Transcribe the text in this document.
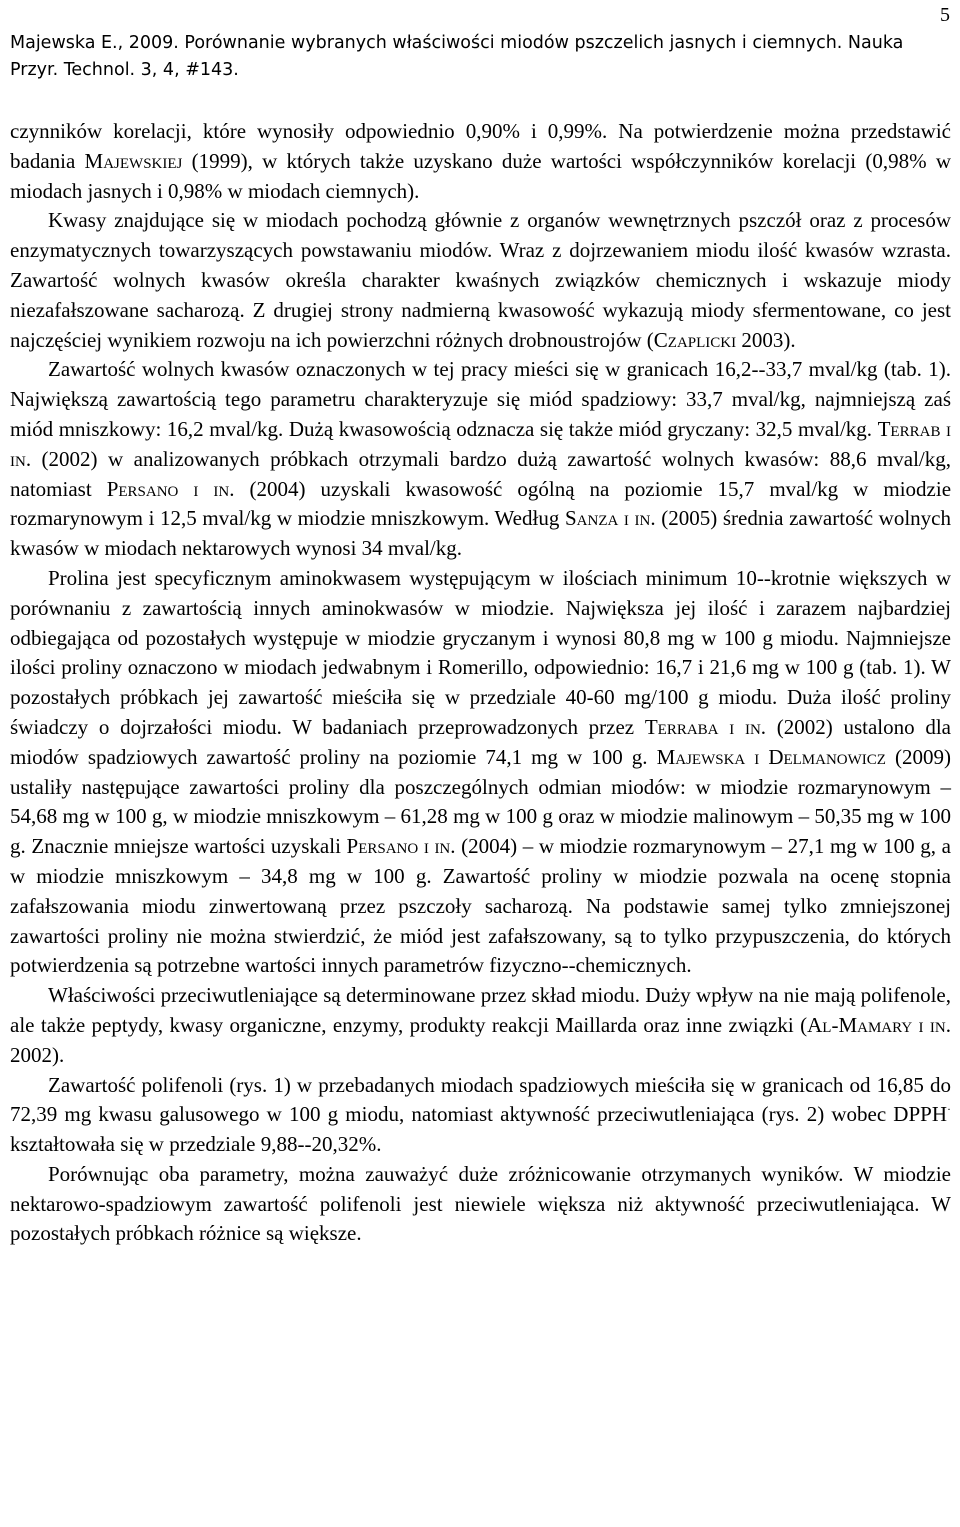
5
Majewska E., 2009. Porównanie wybranych właściwości miodów pszczelich jasnych i ciemnych. Nauka Przyr. Technol. 3, 4, #143.

czynników korelacji, które wynosiły odpowiednio 0,90% i 0,99%. Na potwierdzenie można przedstawić badania Majewskiej (1999), w których także uzyskano duże wartości współczynników korelacji (0,98% w miodach jasnych i 0,98% w miodach ciemnych).

Kwasy znajdujące się w miodach pochodzą głównie z organów wewnętrznych pszczół oraz z procesów enzymatycznych towarzyszących powstawaniu miodów. Wraz z dojrzewaniem miodu ilość kwasów wzrasta. Zawartość wolnych kwasów określa charakter kwaśnych związków chemicznych i wskazuje miody niezafałszowane sacharozą. Z drugiej strony nadmierną kwasowość wykazują miody sfermentowane, co jest najczęściej wynikiem rozwoju na ich powierzchni różnych drobnoustrojów (Czaplicki 2003).

Zawartość wolnych kwasów oznaczonych w tej pracy mieści się w granicach 16,2--33,7 mval/kg (tab. 1). Największą zawartością tego parametru charakteryzuje się miód spadziowy: 33,7 mval/kg, najmniejszą zaś miód mniszkowy: 16,2 mval/kg. Dużą kwasowością odznacza się także miód gryczany: 32,5 mval/kg. Terrab i in. (2002) w analizowanych próbkach otrzymali bardzo dużą zawartość wolnych kwasów: 88,6 mval/kg, natomiast Persano i in. (2004) uzyskali kwasowość ogólną na poziomie 15,7 mval/kg w miodzie rozmarynowym i 12,5 mval/kg w miodzie mniszkowym. Według Sanza i in. (2005) średnia zawartość wolnych kwasów w miodach nektarowych wynosi 34 mval/kg.

Prolina jest specyficznym aminokwasem występującym w ilościach minimum 10--krotnie większych w porównaniu z zawartością innych aminokwasów w miodzie. Największa jej ilość i zarazem najbardziej odbiegająca od pozostałych występuje w miodzie gryczanym i wynosi 80,8 mg w 100 g miodu. Najmniejsze ilości proliny oznaczono w miodach jedwabnym i Romerillo, odpowiednio: 16,7 i 21,6 mg w 100 g (tab. 1). W pozostałych próbkach jej zawartość mieściła się w przedziale 40-60 mg/100 g miodu. Duża ilość proliny świadczy o dojrzałości miodu. W badaniach przeprowadzonych przez Terraba i in. (2002) ustalono dla miodów spadziowych zawartość proliny na poziomie 74,1 mg w 100 g. Majewska i Delmanowicz (2009) ustaliły następujące zawartości proliny dla poszczególnych odmian miodów: w miodzie rozmarynowym – 54,68 mg w 100 g, w miodzie mniszkowym – 61,28 mg w 100 g oraz w miodzie malinowym – 50,35 mg w 100 g. Znacznie mniejsze wartości uzyskali Persano i in. (2004) – w miodzie rozmarynowym – 27,1 mg w 100 g, a w miodzie mniszkowym – 34,8 mg w 100 g. Zawartość proliny w miodzie pozwala na ocenę stopnia zafałszowania miodu zinwertowaną przez pszczoły sacharozą. Na podstawie samej tylko zmniejszonej zawartości proliny nie można stwierdzić, że miód jest zafałszowany, są to tylko przypuszczenia, do których potwierdzenia są potrzebne wartości innych parametrów fizyczno--chemicznych.

Właściwości przeciwutleniające są determinowane przez skład miodu. Duży wpływ na nie mają polifenole, ale także peptydy, kwasy organiczne, enzymy, produkty reakcji Maillarda oraz inne związki (Al-Mamary i in. 2002).

Zawartość polifenoli (rys. 1) w przebadanych miodach spadziowych mieściła się w granicach od 16,85 do 72,39 mg kwasu galusowego w 100 g miodu, natomiast aktywność przeciwutleniająca (rys. 2) wobec DPPH· kształtowała się w przedziale 9,88--20,32%.

Porównując oba parametry, można zauważyć duże zróżnicowanie otrzymanych wyników. W miodzie nektarowo-spadziowym zawartość polifenoli jest niewiele większa niż aktywność przeciwutleniająca. W pozostałych próbkach różnice są większe.
